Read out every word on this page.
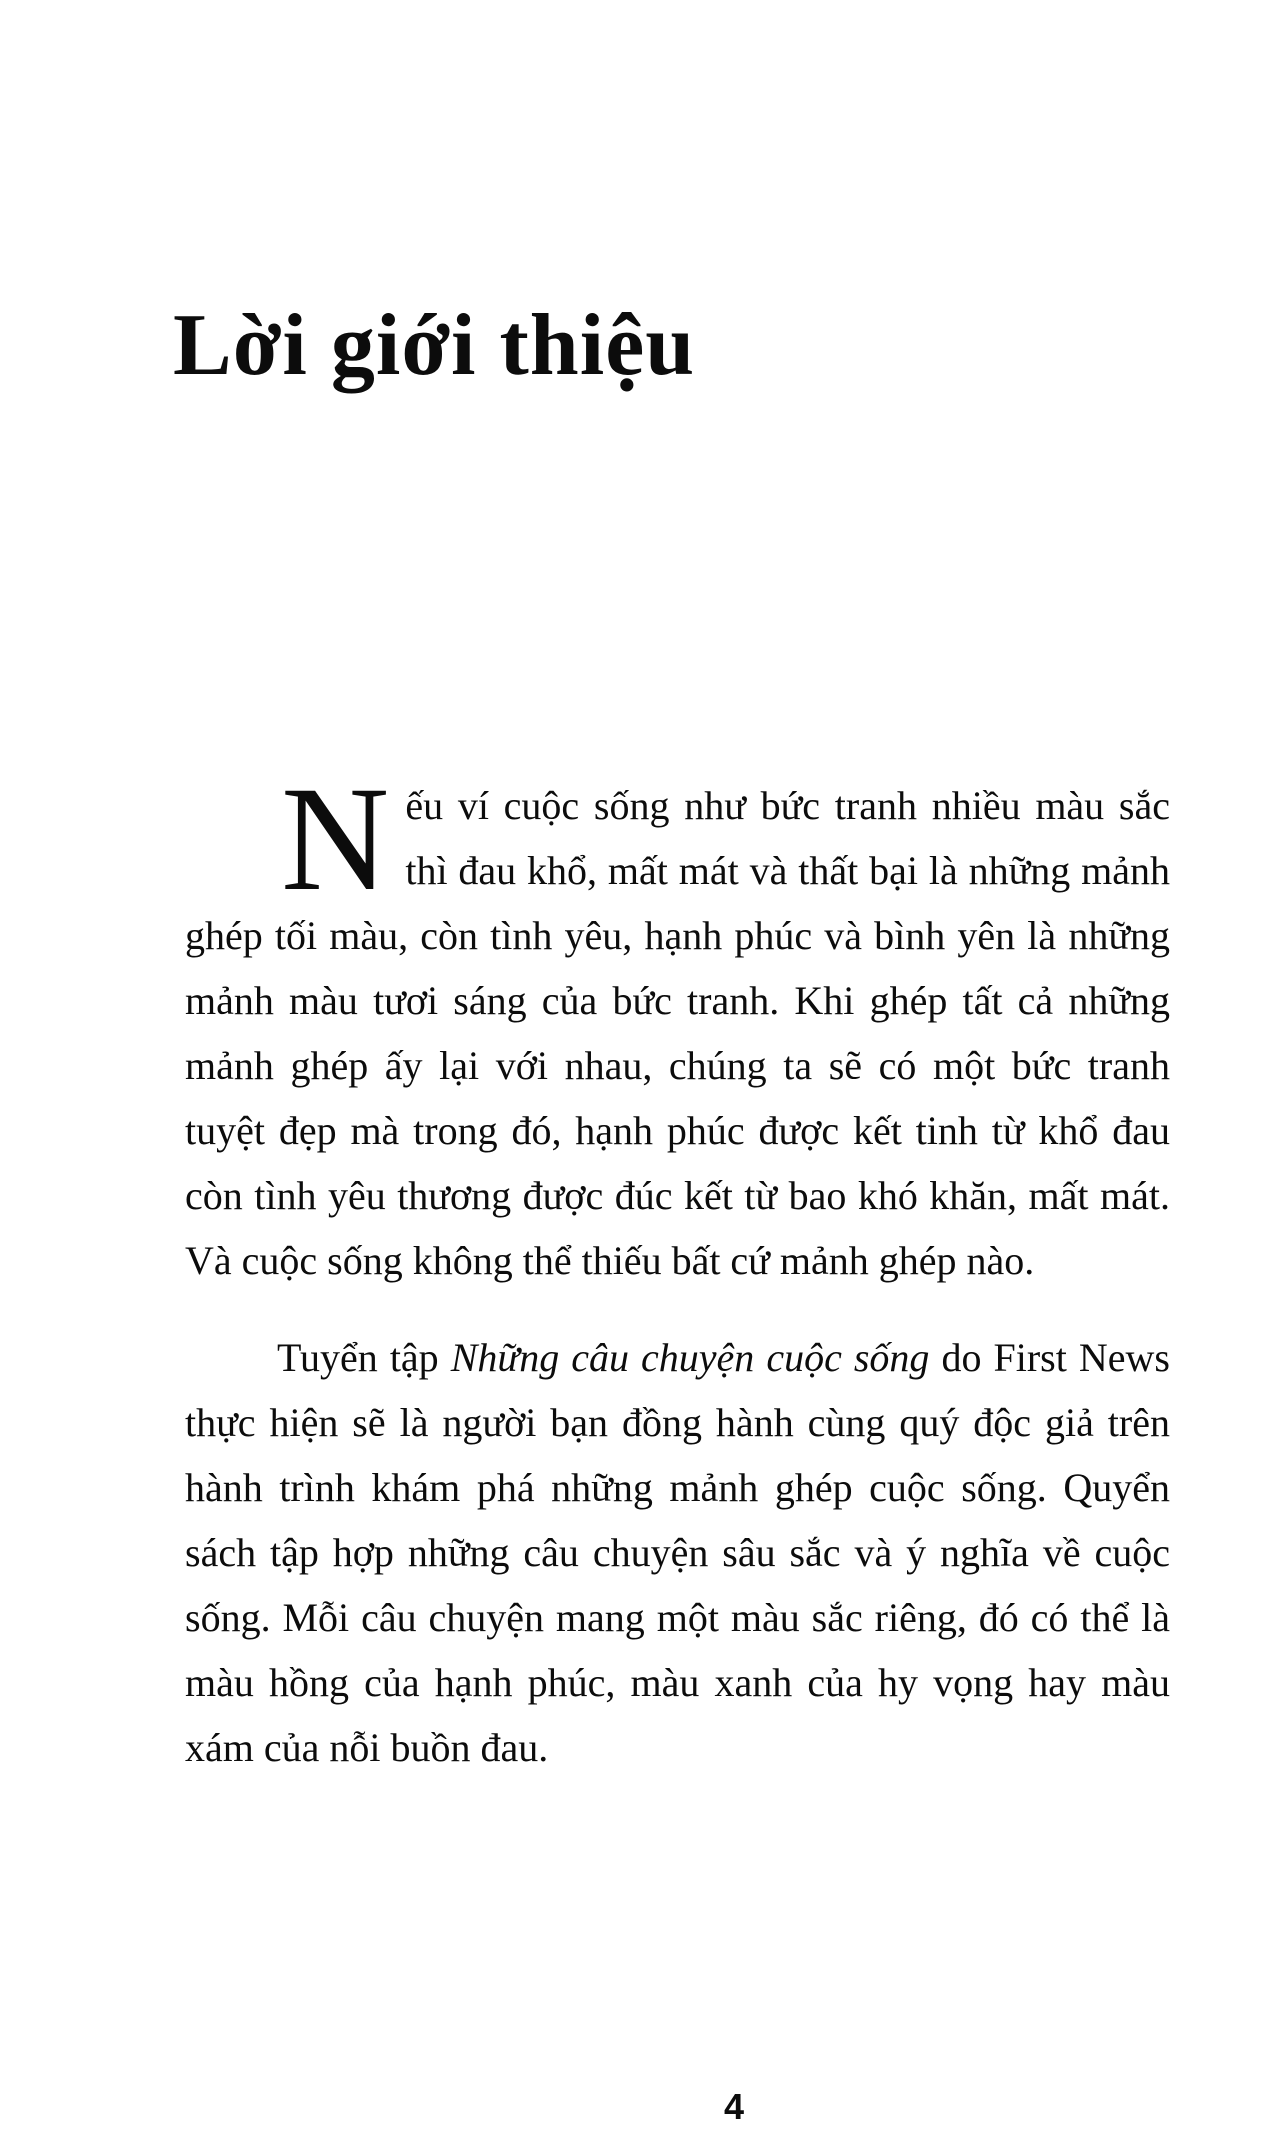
Lời giới thiệu

Nếu ví cuộc sống như bức tranh nhiều màu sắc thì đau khổ, mất mát và thất bại là những mảnh ghép tối màu, còn tình yêu, hạnh phúc và bình yên là những mảnh màu tươi sáng của bức tranh. Khi ghép tất cả những mảnh ghép ấy lại với nhau, chúng ta sẽ có một bức tranh tuyệt đẹp mà trong đó, hạnh phúc được kết tinh từ khổ đau còn tình yêu thương được đúc kết từ bao khó khăn, mất mát. Và cuộc sống không thể thiếu bất cứ mảnh ghép nào.

Tuyển tập Những câu chuyện cuộc sống do First News thực hiện sẽ là người bạn đồng hành cùng quý độc giả trên hành trình khám phá những mảnh ghép cuộc sống. Quyển sách tập hợp những câu chuyện sâu sắc và ý nghĩa về cuộc sống. Mỗi câu chuyện mang một màu sắc riêng, đó có thể là màu hồng của hạnh phúc, màu xanh của hy vọng hay màu xám của nỗi buồn đau.

4
